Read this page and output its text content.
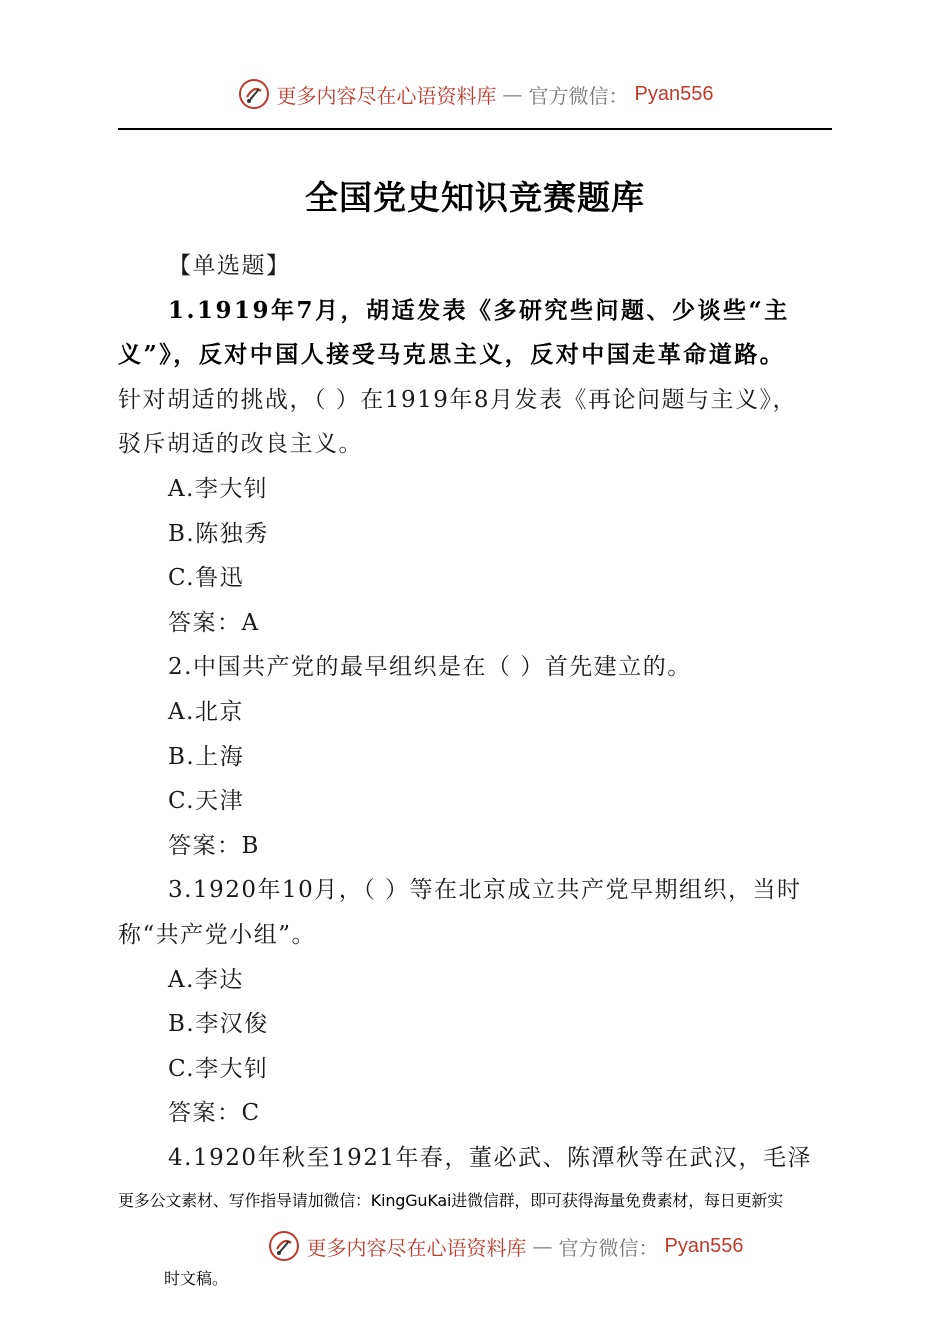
更多内容尽在心语资料库 — 官方微信： Pyan556
全国党史知识竞赛题库
【单选题】
1.1919年7月，胡适发表《多研究些问题、少谈些“主
义”》，反对中国人接受马克思主义，反对中国走革命道路。
针对胡适的挑战，（ ）在1919年8月发表《再论问题与主义》，
驳斥胡适的改良主义。
A.李大钊
B.陈独秀
C.鲁迅
答案：A
2.中国共产党的最早组织是在（ ）首先建立的。
A.北京
B.上海
C.天津
答案：B
3.1920年10月，（ ）等在北京成立共产党早期组织，当时
称“共产党小组”。
A.李达
B.李汉俊
C.李大钊
答案：C
4.1920年秋至1921年春，董必武、陈潭秋等在武汉，毛泽
更多公文素材、写作指导请加微信：KingGuKai进微信群，即可获得海量免费素材，每日更新实
更多内容尽在心语资料库 — 官方微信： Pyan556
时文稿。
